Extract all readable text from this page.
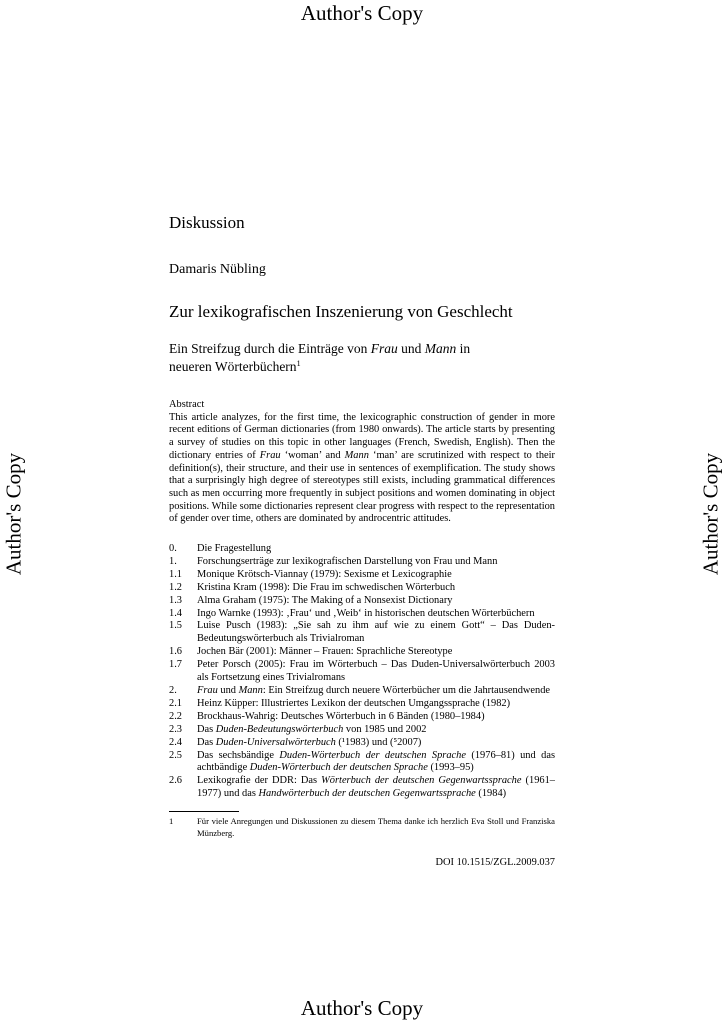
Author's Copy
Author's Copy	Author's Copy
Author's Copy
Diskussion
Damaris Nübling
Zur lexikografischen Inszenierung von Geschlecht
Ein Streifzug durch die Einträge von Frau und Mann in
neueren Wörterbüchern$^1$

Abstract

This article analyzes, for the first time, the lexicographic construction of gender in more recent editions of German dictionaries (from 1980 onwards). The article starts by presenting a survey of studies on this topic in other languages (French, Swedish, English). Then the dictionary entries of Frau ‘woman’ and Mann ‘man’ are scrutinized with respect to their definition(s), their structure, and their use in sentences of exemplification. The study shows that a surprisingly high degree of stereotypes still exists, including grammatical differences such as men occurring more frequently in subject positions and women dominating in object positions. While some dictionaries represent clear progress with respect to the representation of gender over time, others are dominated by androcentric attitudes.

0.	Die Fragestellung
1.	Forschungserträge zur lexikografischen Darstellung von Frau und Mann
1.1	Monique Krötsch-Viannay (1979): Sexisme et Lexicographie
1.2	Kristina Kram (1998): Die Frau im schwedischen Wörterbuch
1.3	Alma Graham (1975): The Making of a Nonsexist Dictionary
1.4	Ingo Warnke (1993): ‚Frau‘ und ‚Weib‘ in historischen deutschen Wörterbüchern
1.5	Luise Pusch (1983): „Sie sah zu ihm auf wie zu einem Gott“ – Das Duden-Bedeutungswörterbuch als Trivialroman
1.6	Jochen Bär (2001): Männer – Frauen: Sprachliche Stereotype
1.7	Peter Porsch (2005): Frau im Wörterbuch – Das Duden-Universalwörterbuch 2003 als Fortsetzung eines Trivialromans
2.	Frau und Mann: Ein Streifzug durch neuere Wörterbücher um die Jahrtausendwende
2.1	Heinz Küpper: Illustriertes Lexikon der deutschen Umgangssprache (1982)
2.2	Brockhaus-Wahrig: Deutsches Wörterbuch in 6 Bänden (1980–1984)
2.3	Das Duden-Bedeutungswörterbuch von 1985 und 2002
2.4	Das Duden-Universalwörterbuch (¹1983) und (⁵2007)
2.5	Das sechsbändige Duden-Wörterbuch der deutschen Sprache (1976–81) und das achtbändige Duden-Wörterbuch der deutschen Sprache (1993–95)
2.6	Lexikografie der DDR: Das Wörterbuch der deutschen Gegenwartssprache (1961–1977) und das Handwörterbuch der deutschen Gegenwartssprache (1984)
1	Für viele Anregungen und Diskussionen zu diesem Thema danke ich herzlich Eva Stoll und Franziska Münzberg.
DOI 10.1515/ZGL.2009.037
